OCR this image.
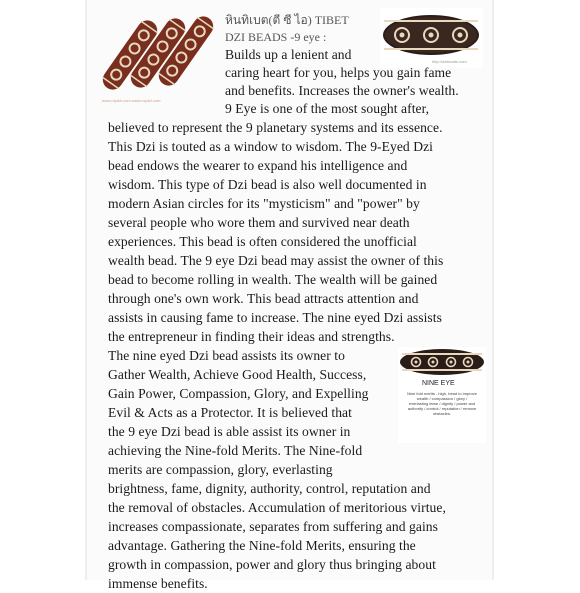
www.mydzi.com www.mydzi.com
http://dzibeads.com
หินทิเบต(ตี ซี ไอ) TIBET
DZI BEADS -9 eye :
Builds up a lenient and
caring heart for you, helps you gain fame
and benefits. Increases the owner's wealth.
9 Eye is one of the most sought after,
believed to represent the 9 planetary systems and its essence.
This Dzi is touted as a window to wisdom. The 9-Eyed Dzi
bead endows the wearer to expand his intelligence and
wisdom. This type of Dzi bead is also well documented in
modern Asian circles for its "mysticism" and "power" by
several people who wore them and survived near death
experiences. This bead is often considered the unofficial
wealth bead. The 9 eye Dzi bead may assist the owner of this
bead to become rolling in wealth. The wealth will be gained
through one's own work. This bead attracts attention and
assists in causing fame to increase. The nine eyed Dzi assists
the entrepreneur in finding their ideas and strengths.
The nine eyed Dzi bead assists its owner to
Gather Wealth, Achieve Good Health, Success,
Gain Power, Compassion, Glory, and Expelling
Evil & Acts as a Protector. It is believed that
the 9 eye Dzi bead is able assist its owner in
achieving the Nine-fold Merits. The Nine-fold
merits are compassion, glory, everlasting
brightness, fame, dignity, authority, control, reputation and
the removal of obstacles. Accumulation of meritorious virtue,
increases compassionate, separates from suffering and gains
advantage. Gathering the Nine-fold Merits, ensuring the
growth in compassion, power and glory thus bringing about
immense benefits.
NINE EYE
Nine fold merits - high, bead to improve wealth / compassion / glory / everlasting fame / dignity / power and authority / control / reputation / remove obstacles.
